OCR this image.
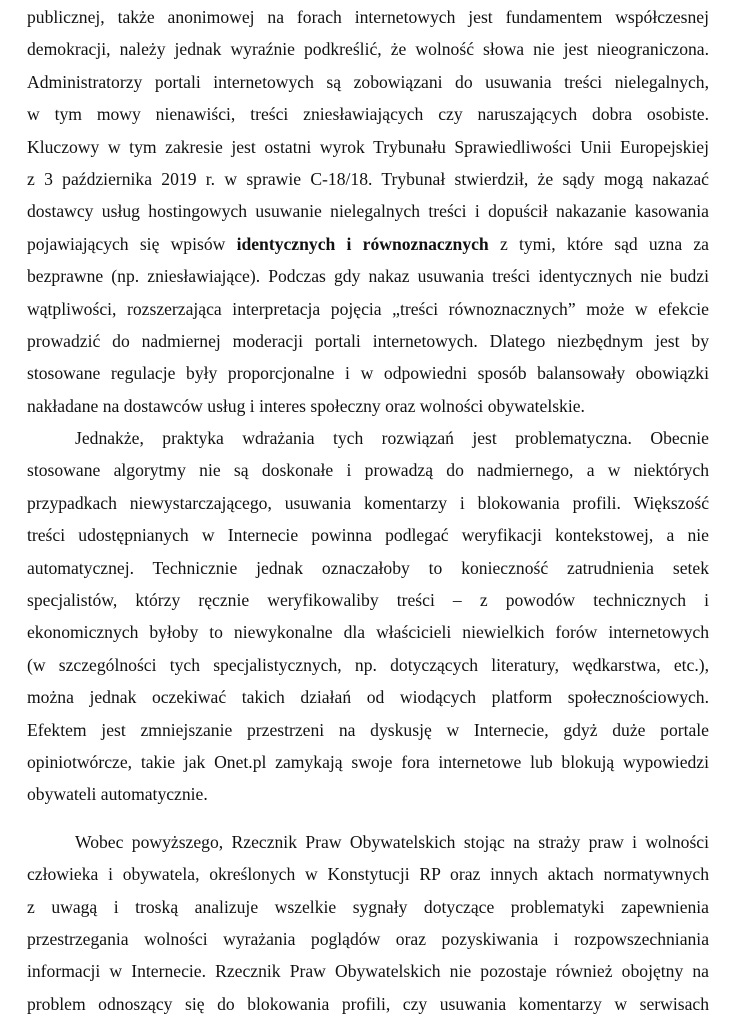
publicznej, także anonimowej na forach internetowych jest fundamentem współczesnej
demokracji, należy jednak wyraźnie podkreślić, że wolność słowa nie jest nieograniczona.
Administratorzy portali internetowych są zobowiązani do usuwania treści nielegalnych,
w tym mowy nienawiści, treści zniesławiających czy naruszających dobra osobiste.
Kluczowy w tym zakresie jest ostatni wyrok Trybunału Sprawiedliwości Unii Europejskiej
z 3 października 2019 r. w sprawie C-18/18. Trybunał stwierdził, że sądy mogą nakazać
dostawcy usług hostingowych usuwanie nielegalnych treści i dopuścił nakazanie kasowania
pojawiających się wpisów identycznych i równoznacznych z tymi, które sąd uzna za
bezprawne (np. zniesławiające). Podczas gdy nakaz usuwania treści identycznych nie budzi
wątpliwości, rozszerzająca interpretacja pojęcia „treści równoznacznych” może w efekcie
prowadzić do nadmiernej moderacji portali internetowych. Dlatego niezbędnym jest by
stosowane regulacje były proporcjonalne i w odpowiedni sposób balansowały obowiązki
nakładane na dostawców usług i interes społeczny oraz wolności obywatelskie.
Jednakże, praktyka wdrażania tych rozwiązań jest problematyczna. Obecnie
stosowane algorytmy nie są doskonałe i prowadzą do nadmiernego, a w niektórych
przypadkach niewystarczającego, usuwania komentarzy i blokowania profili. Większość
treści udostępnianych w Internecie powinna podlegać weryfikacji kontekstowej, a nie
automatycznej. Technicznie jednak oznaczałoby to konieczność zatrudnienia setek
specjalistów, którzy ręcznie weryfikowaliby treści – z powodów technicznych i
ekonomicznych byłoby to niewykonalne dla właścicieli niewielkich forów internetowych
(w szczególności tych specjalistycznych, np. dotyczących literatury, wędkarstwa, etc.),
można jednak oczekiwać takich działań od wiodących platform społecznościowych.
Efektem jest zmniejszanie przestrzeni na dyskusję w Internecie, gdyż duże portale
opiniotwórcze, takie jak Onet.pl zamykają swoje fora internetowe lub blokują wypowiedzi
obywateli automatycznie.
Wobec powyższego, Rzecznik Praw Obywatelskich stojąc na straży praw i wolności
człowieka i obywatela, określonych w Konstytucji RP oraz innych aktach normatywnych
z uwagą i troską analizuje wszelkie sygnały dotyczące problematyki zapewnienia
przestrzegania wolności wyrażania poglądów oraz pozyskiwania i rozpowszechniania
informacji w Internecie. Rzecznik Praw Obywatelskich nie pozostaje również obojętny na
problem odnoszący się do blokowania profili, czy usuwania komentarzy w serwisach
